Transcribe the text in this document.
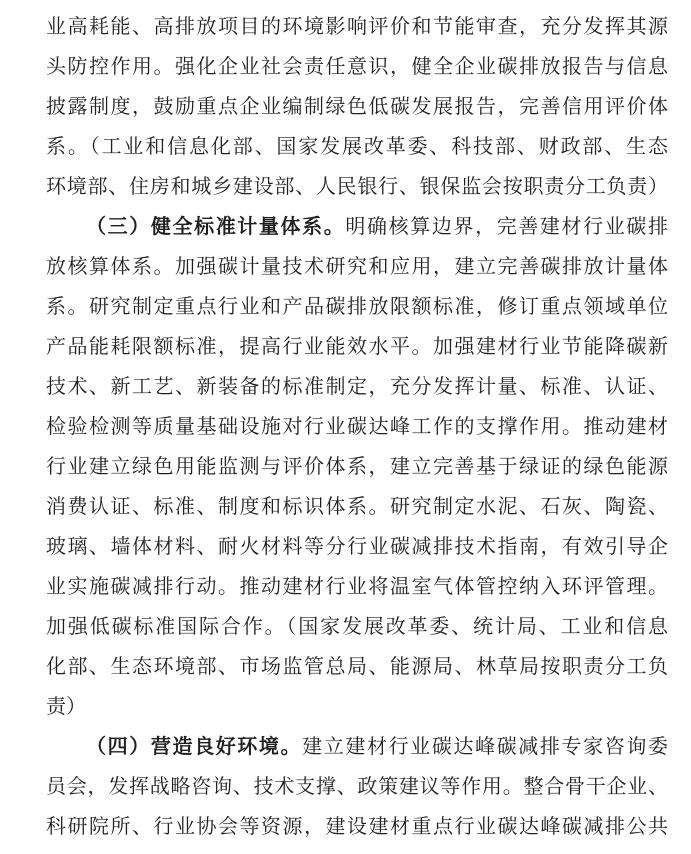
业高耗能、高排放项目的环境影响评价和节能审查，充分发挥其源
头防控作用。强化企业社会责任意识，健全企业碳排放报告与信息
披露制度，鼓励重点企业编制绿色低碳发展报告，完善信用评价体
系。（工业和信息化部、国家发展改革委、科技部、财政部、生态
环境部、住房和城乡建设部、人民银行、银保监会按职责分工负责）
（三）健全标准计量体系。明确核算边界，完善建材行业碳排
放核算体系。加强碳计量技术研究和应用，建立完善碳排放计量体
系。研究制定重点行业和产品碳排放限额标准，修订重点领域单位
产品能耗限额标准，提高行业能效水平。加强建材行业节能降碳新
技术、新工艺、新装备的标准制定，充分发挥计量、标准、认证、
检验检测等质量基础设施对行业碳达峰工作的支撑作用。推动建材
行业建立绿色用能监测与评价体系，建立完善基于绿证的绿色能源
消费认证、标准、制度和标识体系。研究制定水泥、石灰、陶瓷、
玻璃、墙体材料、耐火材料等分行业碳减排技术指南，有效引导企
业实施碳减排行动。推动建材行业将温室气体管控纳入环评管理。
加强低碳标准国际合作。（国家发展改革委、统计局、工业和信息
化部、生态环境部、市场监管总局、能源局、林草局按职责分工负
责）
（四）营造良好环境。建立建材行业碳达峰碳减排专家咨询委
员会，发挥战略咨询、技术支撑、政策建议等作用。整合骨干企业、
科研院所、行业协会等资源，建设建材重点行业碳达峰碳减排公共
